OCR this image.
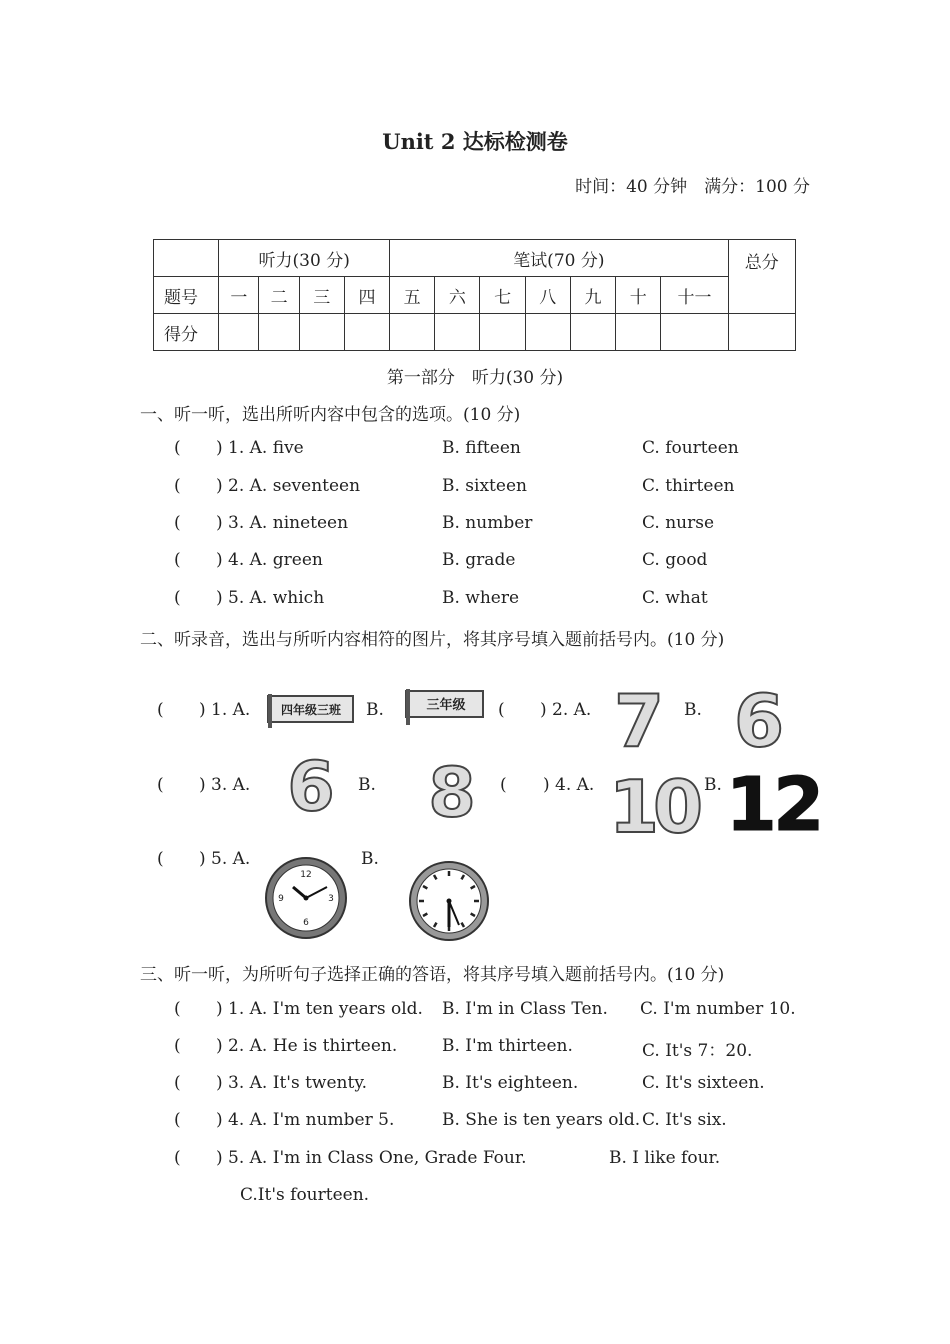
Unit 2 达标检测卷
时间：40 分钟　满分：100 分
	听力(30 分)				笔试(70 分)							总分
题号	一	二	三	四	五	六	七	八	九	十	十一	
得分												
第一部分　听力(30 分)
一、听一听，选出所听内容中包含的选项。(10 分)
( ) 1. A. five	B. fifteen	C. fourteen
( ) 2. A. seventeen	B. sixteen	C. thirteen
( ) 3. A. nineteen	B. number	C. nurse
( ) 4. A. green	B. grade	C. good
( ) 5. A. which	B. where	C. what
二、听录音，选出与所听内容相符的图片，将其序号填入题前括号内。(10 分)
( ) 1. A.	四年级三班 B.	三年级 ( ) 2. A. 7 B. 6
( ) 3. A. 6 B. 8 ( ) 4. A. 10 B. 12
( ) 5. A.
12
3
6
9
B.
三、听一听，为所听句子选择正确的答语，将其序号填入题前括号内。(10 分)
( ) 1. A. I'm ten years old. B. I'm in Class Ten. C. I'm number 10.
( ) 2. A. He is thirteen.	B. I'm thirteen.	C. It's 7：20.
( ) 3. A. It's twenty.	B. It's eighteen.	C. It's sixteen.
( ) 4. A. I'm number 5.	B. She is ten years old. C. It's six.
( ) 5. A. I'm in Class One, Grade Four.	B. I like four.
C.It's fourteen.
